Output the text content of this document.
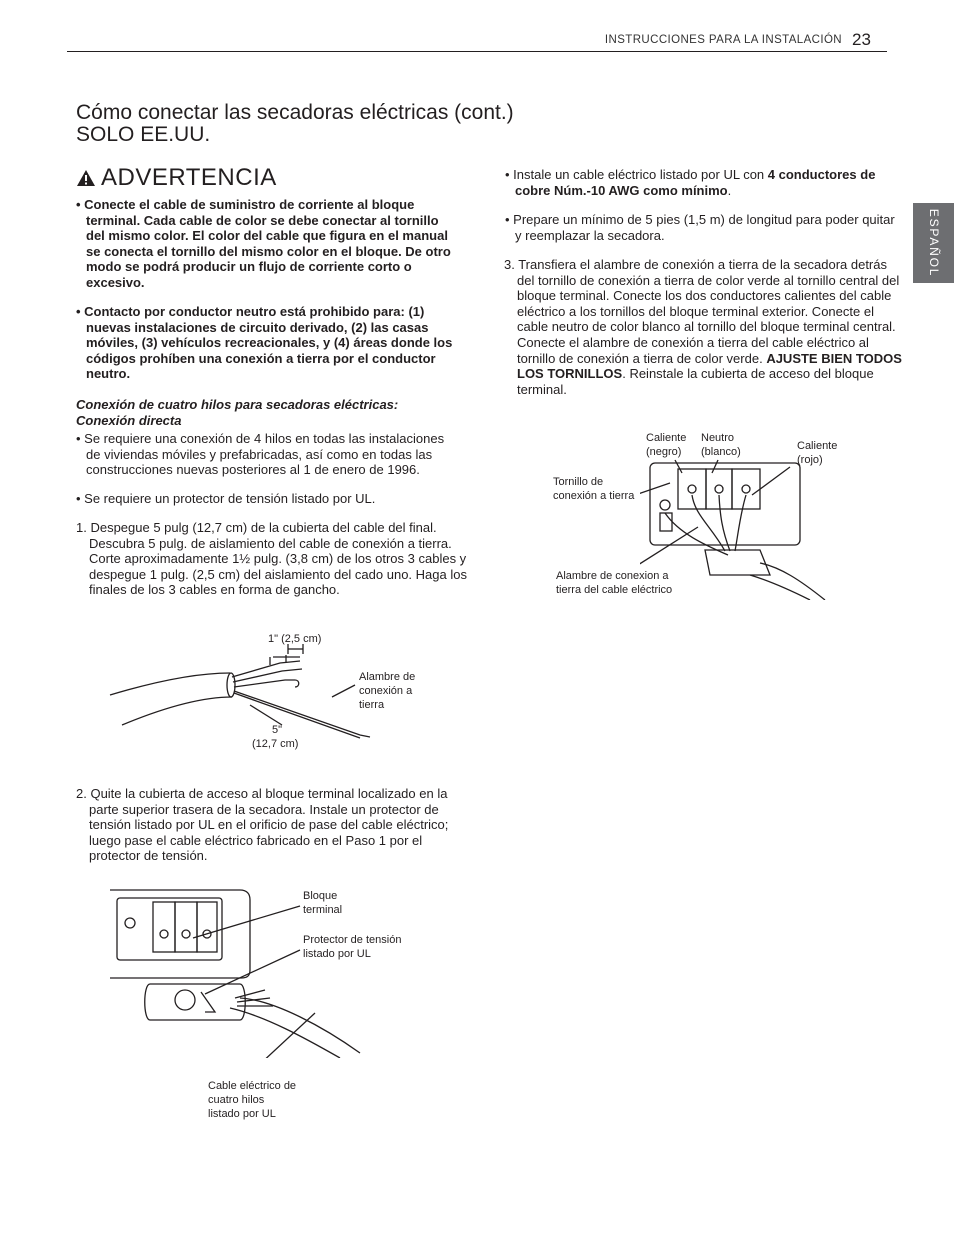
INSTRUCCIONES PARA LA INSTALACIÓN 23
ESPAÑOL
Cómo conectar las secadoras eléctricas (cont.)
SOLO EE.UU.
ADVERTENCIA
• Conecte el cable de suministro de corriente al bloque terminal. Cada cable de color se debe conectar al tornillo del mismo color. El color del cable que figura en el manual se conecta el tornillo del mismo color en el bloque. De otro modo se podrá producir un flujo de corriente corto o excesivo.
• Contacto por conductor neutro está prohibido para: (1) nuevas instalaciones de circuito derivado, (2) las casas móviles, (3) vehículos recreacionales, y (4) áreas donde los códigos prohíben una conexión a tierra por el conductor neutro.
Conexión de cuatro hilos para secadoras eléctricas: Conexión directa
• Se requiere una conexión de 4 hilos en todas las instalaciones de viviendas móviles y prefabricadas, así como en todas las construcciones nuevas posteriores al 1 de enero de 1996.
• Se requiere un protector de tensión listado por UL.
1. Despegue 5 pulg (12,7 cm) de la cubierta del cable del final. Descubra 5 pulg. de aislamiento del cable de conexión a tierra. Corte aproximadamente 1½ pulg. (3,8 cm) de los otros 3 cables y despegue 1 pulg. (2,5 cm) del aislamiento del cado uno. Haga los finales de los 3 cables en forma de gancho.
1" (2,5 cm)
Alambre de conexión a tierra
5"
(12,7 cm)
2. Quite la cubierta de acceso al bloque terminal localizado en la parte superior trasera de la secadora. Instale un protector de tensión listado por UL en el orificio de pase del cable eléctrico; luego pase el cable eléctrico fabricado en el Paso 1 por el protector de tensión.
Bloque terminal
Protector de tensión listado por UL
Cable eléctrico de cuatro hilos listado por UL
• Instale un cable eléctrico listado por UL con 4 conductores de cobre Núm.-10 AWG como mínimo.
• Prepare un mínimo de 5 pies (1,5 m) de longitud para poder quitar y reemplazar la secadora.
3. Transfiera el alambre de conexión a tierra de la secadora detrás del tornillo de conexión a tierra de color verde al tornillo central del bloque terminal. Conecte los dos conductores calientes del cable eléctrico a los tornillos del bloque terminal exterior. Conecte el cable neutro de color blanco al tornillo del bloque terminal central. Conecte el alambre de conexión a tierra del cable eléctrico al tornillo de conexión a tierra de color verde. AJUSTE BIEN TODOS LOS TORNILLOS. Reinstale la cubierta de acceso del bloque terminal.
Caliente (negro)
Neutro (blanco)	Caliente (rojo)
Tornillo de conexión a tierra
Alambre de conexion a tierra del cable eléctrico
